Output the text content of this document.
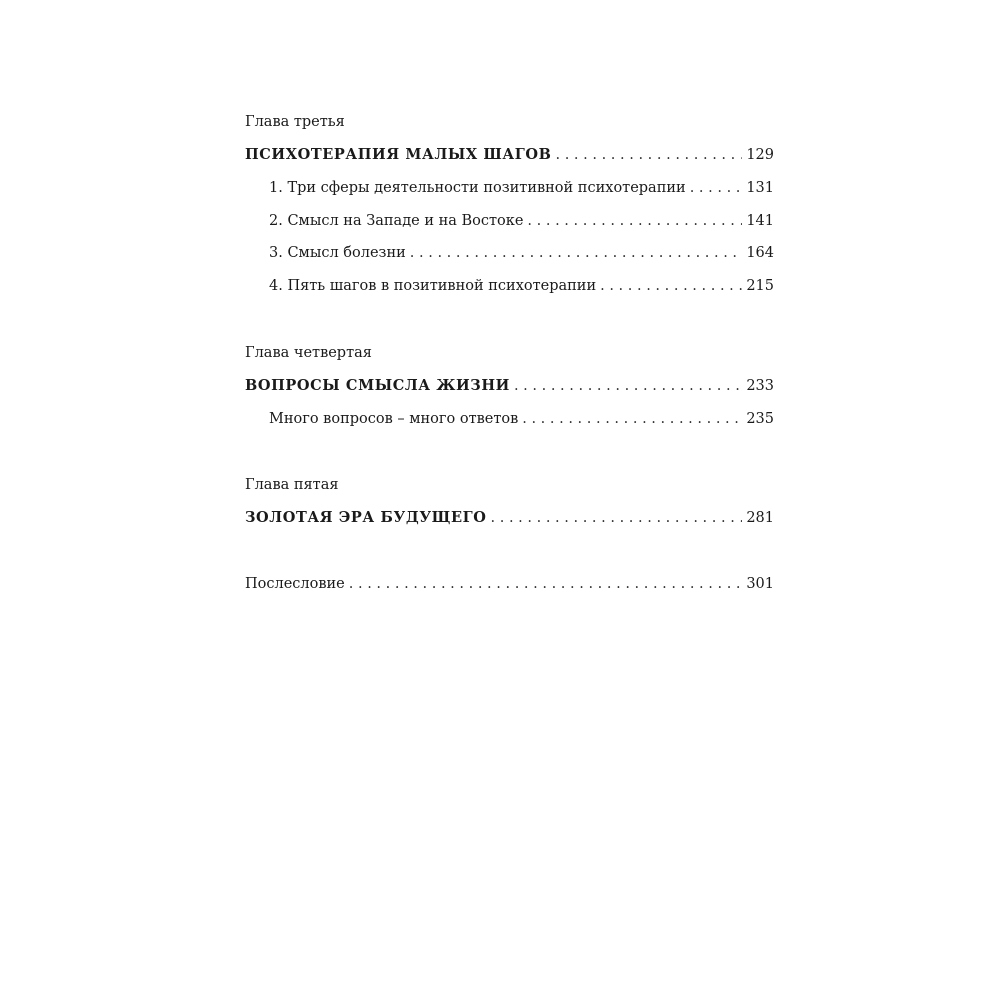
Глава третья
ПСИХОТЕРАПИЯ МАЛЫХ ШАГОВ . . .	129
1. Три сферы деятельности позитивной психотерапии . . .	131
2. Смысл на Западе и на Востоке . . .	141
3. Смысл болезни . . .	164
4. Пять шагов в позитивной психотерапии . . .	215
Глава четвертая
ВОПРОСЫ СМЫСЛА ЖИЗНИ . . .	233
Много вопросов – много ответов . . .	235
Глава пятая
ЗОЛОТАЯ ЭРА БУДУЩЕГО . . .	281
Послесловие . . .	301
